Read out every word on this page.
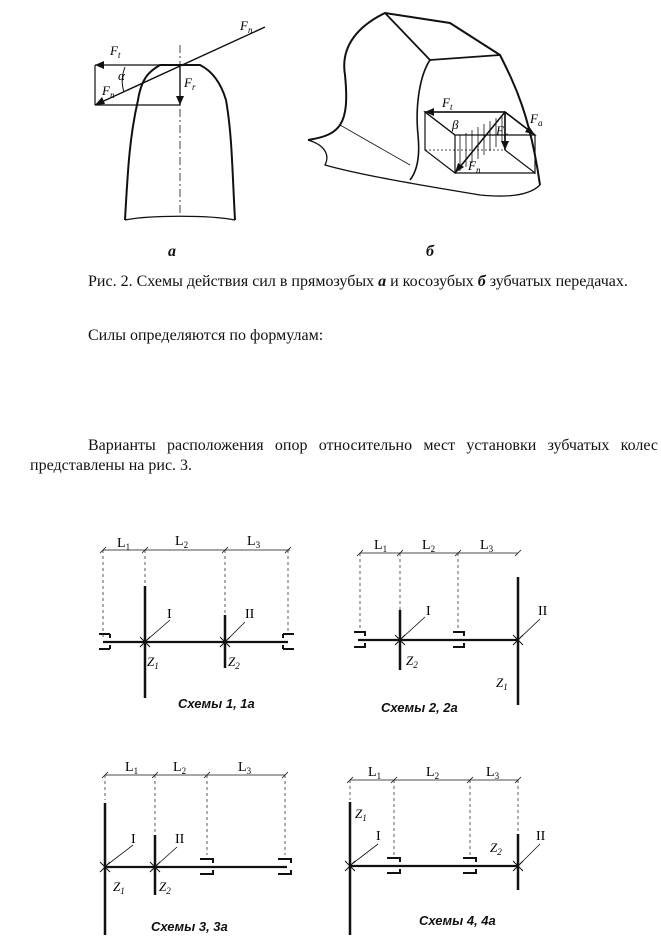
$F_t$
$F_n$
$F_r$
$F_n$
α
$F_t$
β	$F_r$
$F_a$
$F_n$
а	б
Рис. 2. Схемы действия сил в прямозубых а и косозубых б зубчатых передачах.
Силы определяются по формулам:
Варианты расположения опор относительно мест установки зубчатых колес представлены на рис. 3.
$L_1$	$L_2$	$L_3$
I	II
$Z_1$	$Z_2$
Схемы 1, 1а
$L_1$ $L_2$	$L_3$
I	II
$Z_2$
$Z_1$
Схемы 2, 2а
$L_1$ $L_2$	$L_3$
I	II
$Z_1$	$Z_2$
Схемы 3, 3а
$L_1$	$L_2$	$L_3$
I	II
$Z_1$
$Z_2$
Схемы 4, 4а
